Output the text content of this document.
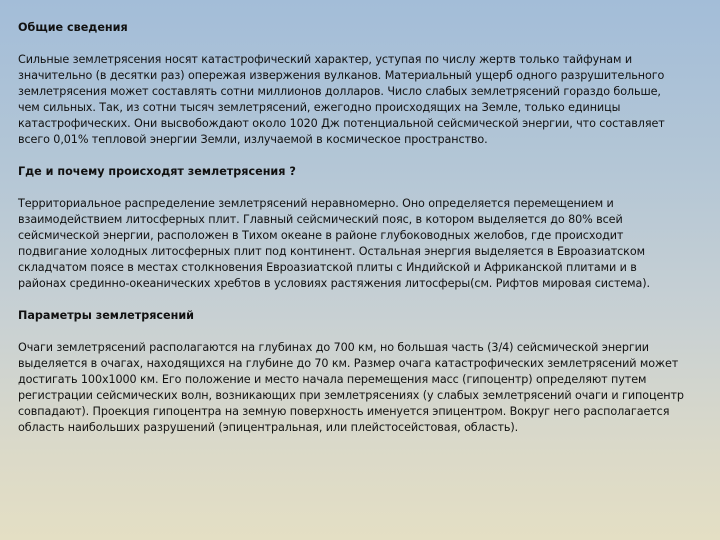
Общие сведения

Сильные землетрясения носят катастрофический характер, уступая по числу жертв только тайфунам и
значительно (в десятки раз) опережая извержения вулканов. Материальный ущерб одного разрушительного
землетрясения может составлять сотни миллионов долларов. Число слабых землетрясений гораздо больше,
чем сильных. Так, из сотни тысяч землетрясений, ежегодно происходящих на Земле, только единицы
катастрофических. Они высвобождают около 1020 Дж потенциальной сейсмической энергии, что составляет
всего 0,01% тепловой энергии Земли, излучаемой в космическое пространство.

Где и почему происходят землетрясения ?

Территориальное распределение землетрясений неравномерно. Оно определяется перемещением и
взаимодействием литосферных плит. Главный сейсмический пояс, в котором выделяется до 80% всей
сейсмической энергии, расположен в Тихом океане в районе глубоководных желобов, где происходит
подвигание холодных литосферных плит под континент. Остальная энергия выделяется в Евроазиатском
складчатом поясе в местах столкновения Евроазиатской плиты с Индийской и Африканской плитами и в
районах срединно-океанических хребтов в условиях растяжения литосферы(см. Рифтов мировая система).

Параметры землетрясений

Очаги землетрясений располагаются на глубинах до 700 км, но большая часть (3/4) сейсмической энергии
выделяется в очагах, находящихся на глубине до 70 км. Размер очага катастрофических землетрясений может
достигать 100х1000 км. Его положение и место начала перемещения масс (гипоцентр) определяют путем
регистрации сейсмических волн, возникающих при землетрясениях (у слабых землетрясений очаги и гипоцентр
совпадают). Проекция гипоцентра на земную поверхность именуется эпицентром. Вокруг него располагается
область наибольших разрушений (эпицентральная, или плейстосейстовая, область).
